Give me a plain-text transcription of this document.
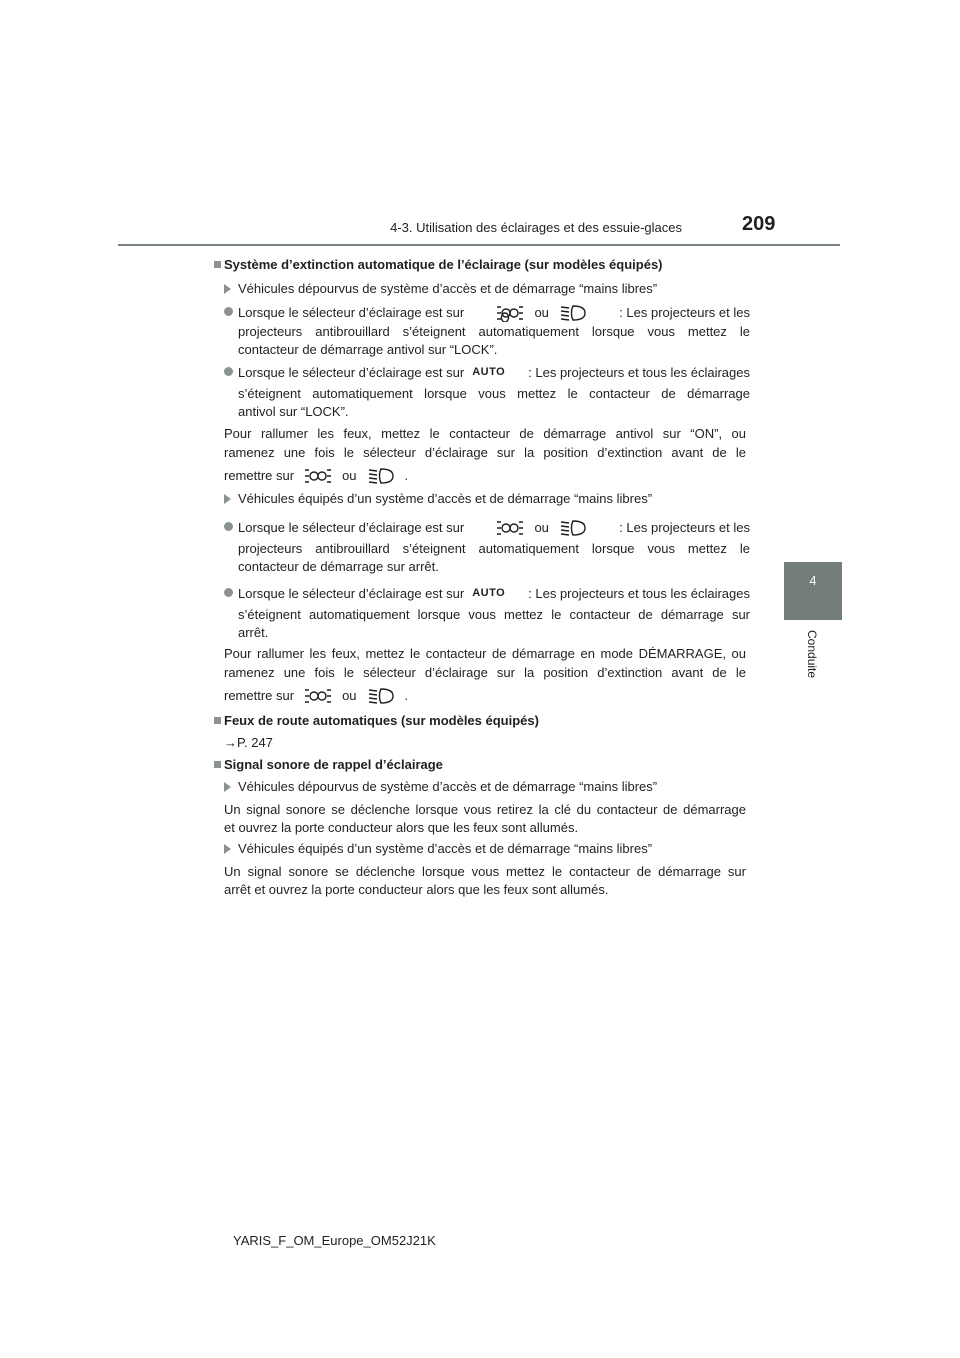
4-3. Utilisation des éclairages et des essuie-glaces	209
4
Conduite
Système d’extinction automatique de l’éclairage (sur modèles équipés)
Véhicules dépourvus de système d’accès et de démarrage “mains libres”
Lorsque le sélecteur d’éclairage est sur	ou	: Les projecteurs et les
projecteurs antibrouillard s’éteignent automatiquement lorsque vous mettez le
contacteur de démarrage antivol sur “LOCK”.
Lorsque le sélecteur d’éclairage est sur AUTO : Les projecteurs et tous les éclairages
s’éteignent automatiquement lorsque vous mettez le contacteur de démarrage
antivol sur “LOCK”.
Pour rallumer les feux, mettez le contacteur de démarrage antivol sur “ON”, ou
ramenez une fois le sélecteur d’éclairage sur la position d’extinction avant de le
remettre sur	ou	.
Véhicules équipés d’un système d’accès et de démarrage “mains libres”
Lorsque le sélecteur d’éclairage est sur	ou	: Les projecteurs et les
projecteurs antibrouillard s’éteignent automatiquement lorsque vous mettez le
contacteur de démarrage sur arrêt.
Lorsque le sélecteur d’éclairage est sur AUTO : Les projecteurs et tous les éclairages
s’éteignent automatiquement lorsque vous mettez le contacteur de démarrage sur
arrêt.
Pour rallumer les feux, mettez le contacteur de démarrage en mode DÉMARRAGE, ou
ramenez une fois le sélecteur d’éclairage sur la position d’extinction avant de le
remettre sur	ou	.
Feux de route automatiques (sur modèles équipés)
→P. 247
Signal sonore de rappel d’éclairage
Véhicules dépourvus de système d’accès et de démarrage “mains libres”
Un signal sonore se déclenche lorsque vous retirez la clé du contacteur de démarrage
et ouvrez la porte conducteur alors que les feux sont allumés.
Véhicules équipés d’un système d’accès et de démarrage “mains libres”
Un signal sonore se déclenche lorsque vous mettez le contacteur de démarrage sur
arrêt et ouvrez la porte conducteur alors que les feux sont allumés.
YARIS_F_OM_Europe_OM52J21K
